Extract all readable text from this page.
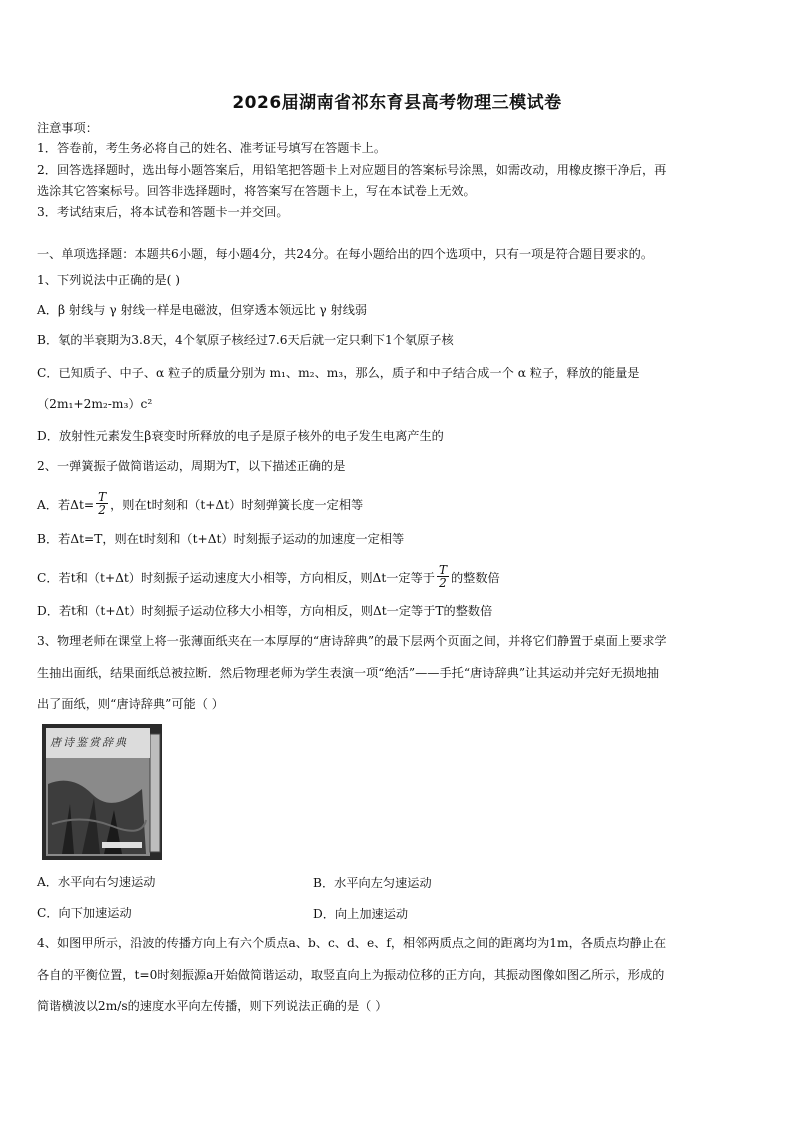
2026届湖南省祁东育县高考物理三模试卷
注意事项：
1．答卷前，考生务必将自己的姓名、准考证号填写在答题卡上。
2．回答选择题时，选出每小题答案后，用铅笔把答题卡上对应题目的答案标号涂黑，如需改动，用橡皮擦干净后，再
选涂其它答案标号。回答非选择题时，将答案写在答题卡上，写在本试卷上无效。
3．考试结束后，将本试卷和答题卡一并交回。
一、单项选择题：本题共6小题，每小题4分，共24分。在每小题给出的四个选项中，只有一项是符合题目要求的。
1、下列说法中正确的是( )
A．β 射线与 γ 射线一样是电磁波，但穿透本领远比 γ 射线弱
B．氡的半衰期为3.8天，4个氡原子核经过7.6天后就一定只剩下1个氡原子核
C．已知质子、中子、α 粒子的质量分别为 m₁、m₂、m₃，那么，质子和中子结合成一个 α 粒子，释放的能量是
（2m₁+2m₂-m₃）c²
D．放射性元素发生β衰变时所释放的电子是原子核外的电子发生电离产生的
2、一弹簧振子做简谐运动，周期为T，以下描述正确的是
A．若$\Delta t= \frac{T}{2}$ ，则在t时刻和（t+Δt）时刻弹簧长度一定相等
B．若Δt=T，则在t时刻和（t+Δt）时刻振子运动的加速度一定相等
C．若t和（t+Δt）时刻振子运动速度大小相等，方向相反，则Δt一定等于 $\frac{T}{2}$ 的整数倍
D．若t和（t+Δt）时刻振子运动位移大小相等，方向相反，则Δt一定等于T的整数倍
3、物理老师在课堂上将一张薄面纸夹在一本厚厚的“唐诗辞典”的最下层两个页面之间，并将它们静置于桌面上要求学
生抽出面纸，结果面纸总被拉断．然后物理老师为学生表演一项“绝活”——手托“唐诗辞典”让其运动并完好无损地抽
出了面纸，则“唐诗辞典”可能（ ）
唐诗鉴赏辞典
A．水平向右匀速运动	B．水平向左匀速运动
C．向下加速运动	D．向上加速运动
4、如图甲所示，沿波的传播方向上有六个质点a、b、c、d、e、f，相邻两质点之间的距离均为1m，各质点均静止在
各自的平衡位置，t=0时刻振源a开始做简谐运动，取竖直向上为振动位移的正方向，其振动图像如图乙所示，形成的
简谐横波以2m/s的速度水平向左传播，则下列说法正确的是（ ）
